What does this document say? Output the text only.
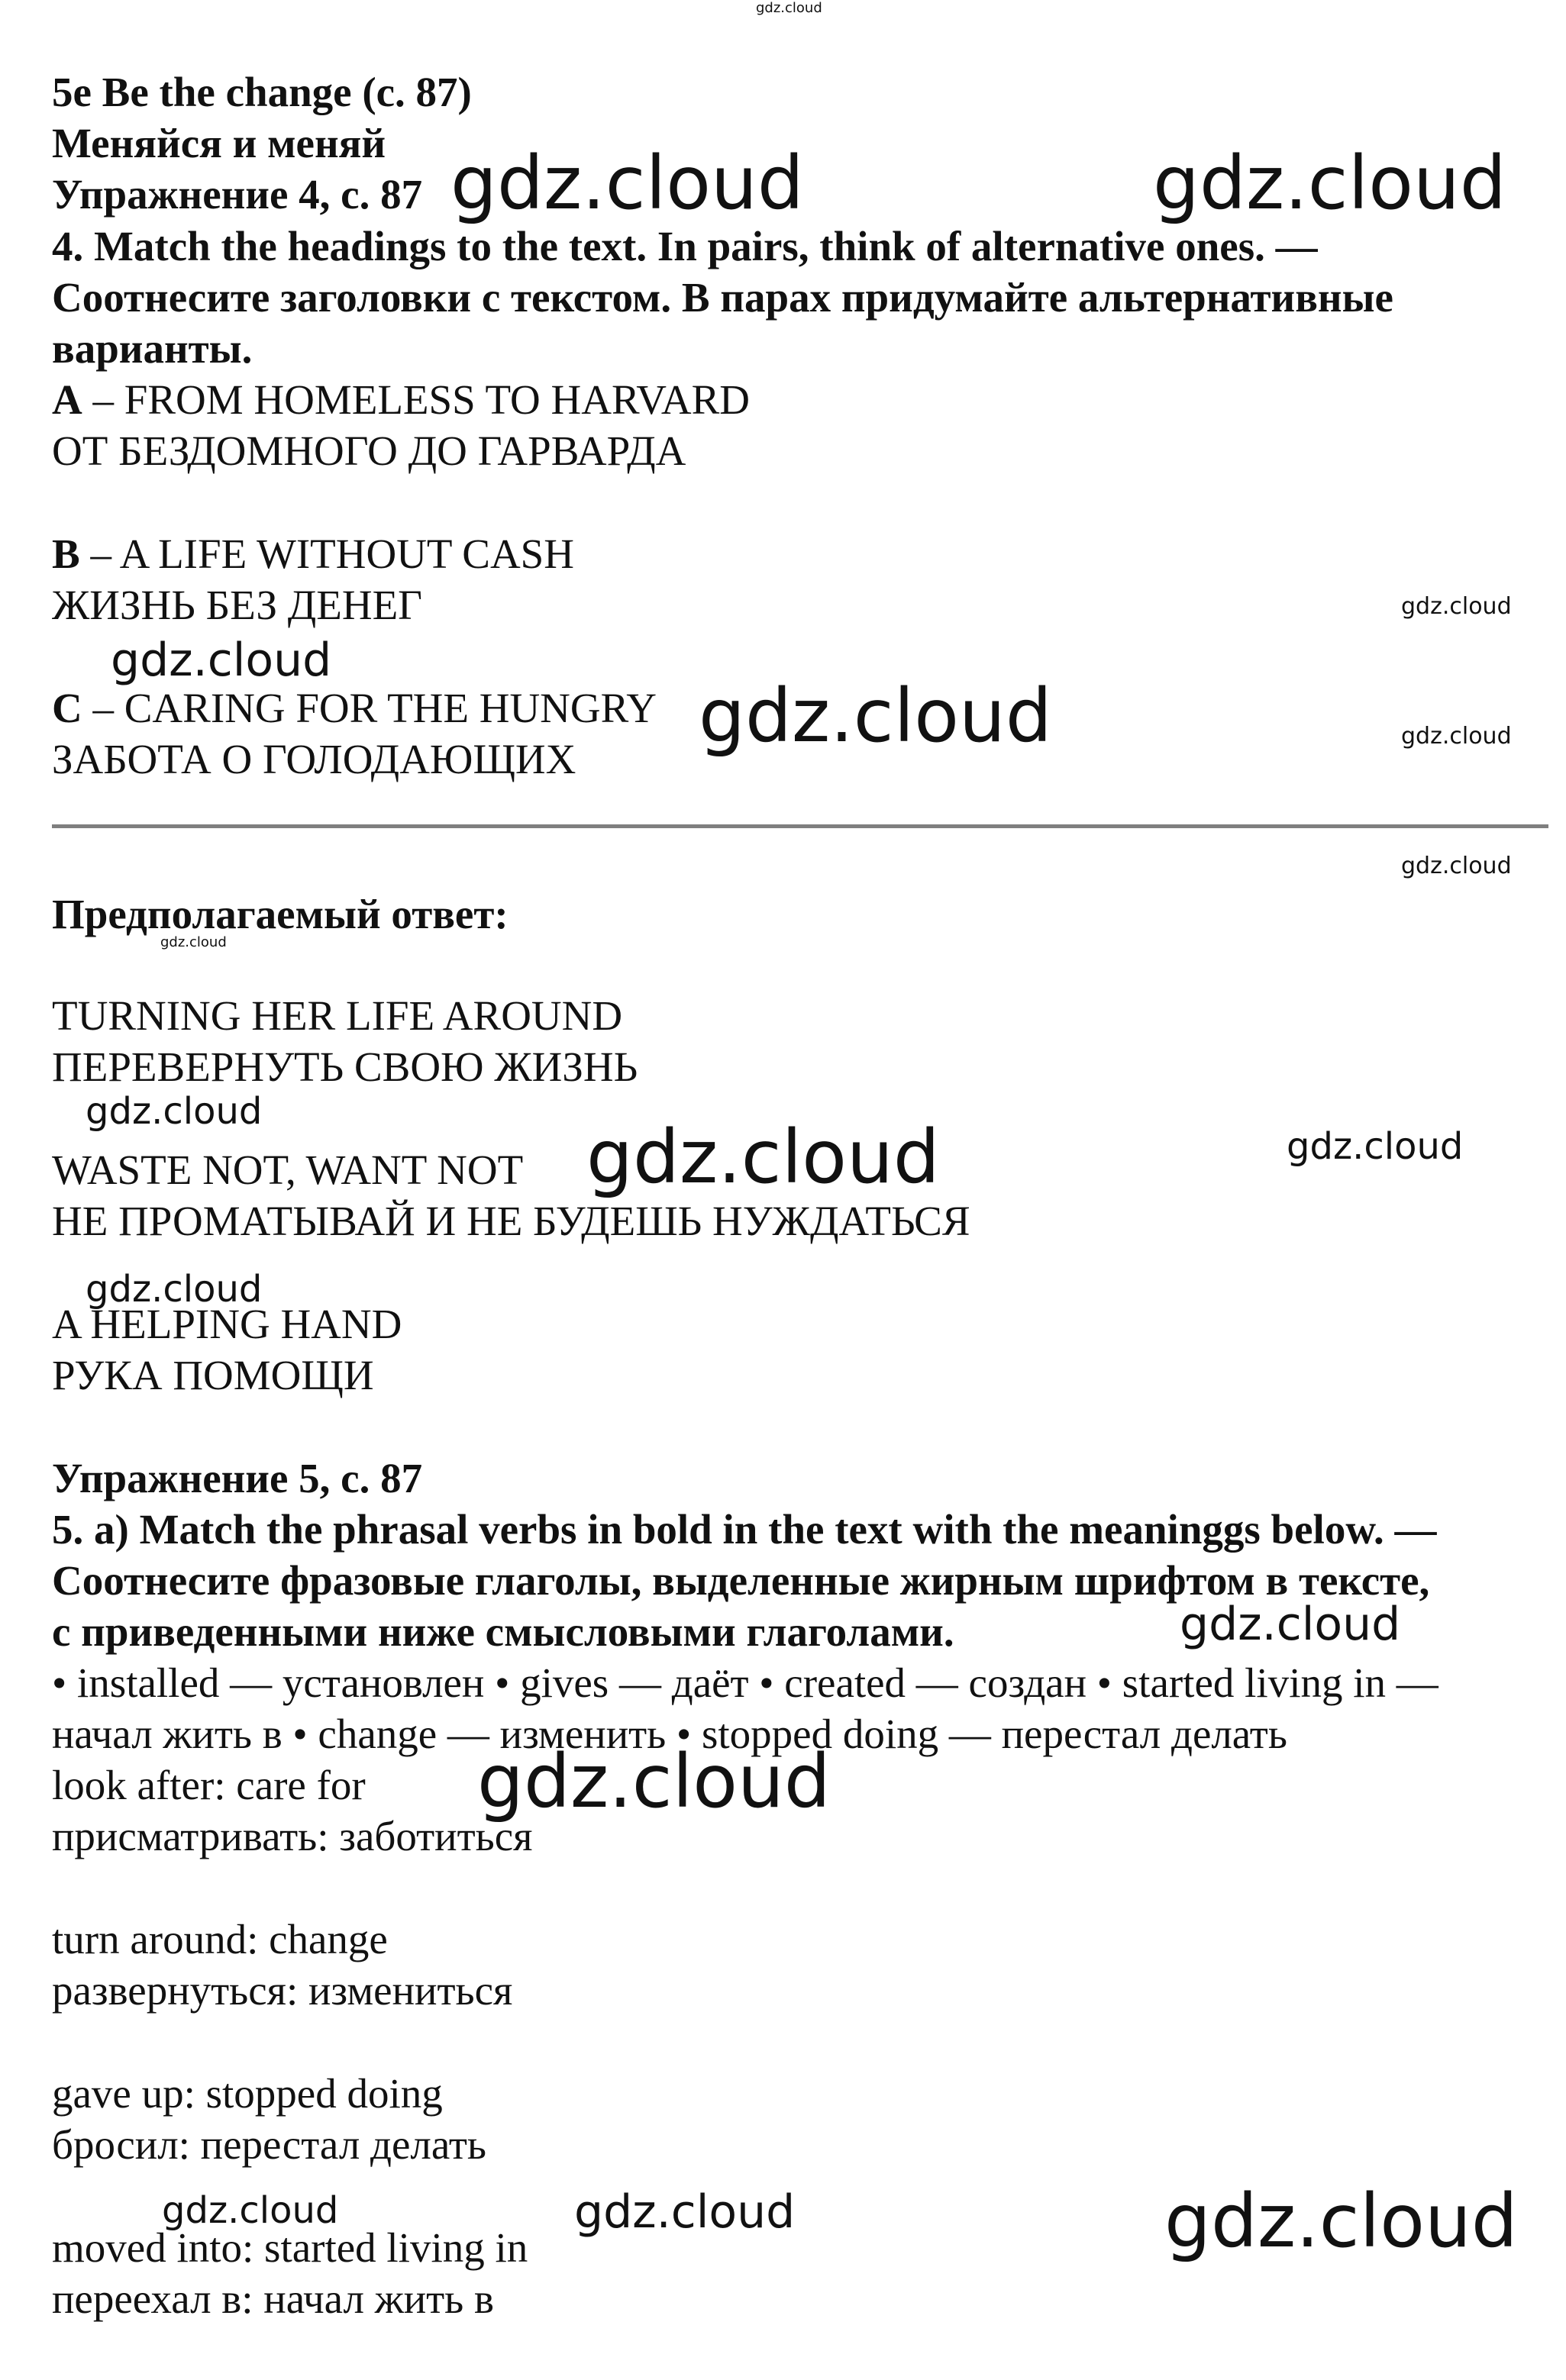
5e Be the change (с. 87)
Меняйся и меняй
Упражнение 4, с. 87
4. Match the headings to the text. In pairs, think of alternative ones. —
Соотнесите заголовки с текстом. В парах придумайте альтернативные
варианты.
A – FROM HOMELESS TO HARVARD
ОТ БЕЗДОМНОГО ДО ГАРВАРДА
B – A LIFE WITHOUT CASH
ЖИЗНЬ БЕЗ ДЕНЕГ
C – CARING FOR THE HUNGRY
ЗАБОТА О ГОЛОДАЮЩИХ
Предполагаемый ответ:
TURNING HER LIFE AROUND
ПЕРЕВЕРНУТЬ СВОЮ ЖИЗНЬ
WASTE NOT, WANT NOT
НЕ ПРОМАТЫВАЙ И НЕ БУДЕШЬ НУЖДАТЬСЯ
A HELPING HAND
РУКА ПОМОЩИ
Упражнение 5, с. 87
5. a) Match the phrasal verbs in bold in the text with the meaninggs below. —
Соотнесите фразовые глаголы, выделенные жирным шрифтом в тексте,
с приведенными ниже смысловыми глаголами.
• installed — установлен • gives — даёт • created — создан • started living in —
начал жить в • change — изменить • stopped doing — перестал делать
look after: care for
присматривать: заботиться
turn around: change
развернуться: измениться
gave up: stopped doing
бросил: перестал делать
moved into: started living in
переехал в: начал жить в
gdz.cloud
gdz.cloud	gdz.cloud
gdz.cloud
gdz.cloud
gdz.cloud	gdz.cloud
gdz.cloud
gdz.cloud
gdz.cloud
gdz.cloud	gdz.cloud
gdz.cloud
gdz.cloud
gdz.cloud
gdz.cloud	gdz.cloud	gdz.cloud
